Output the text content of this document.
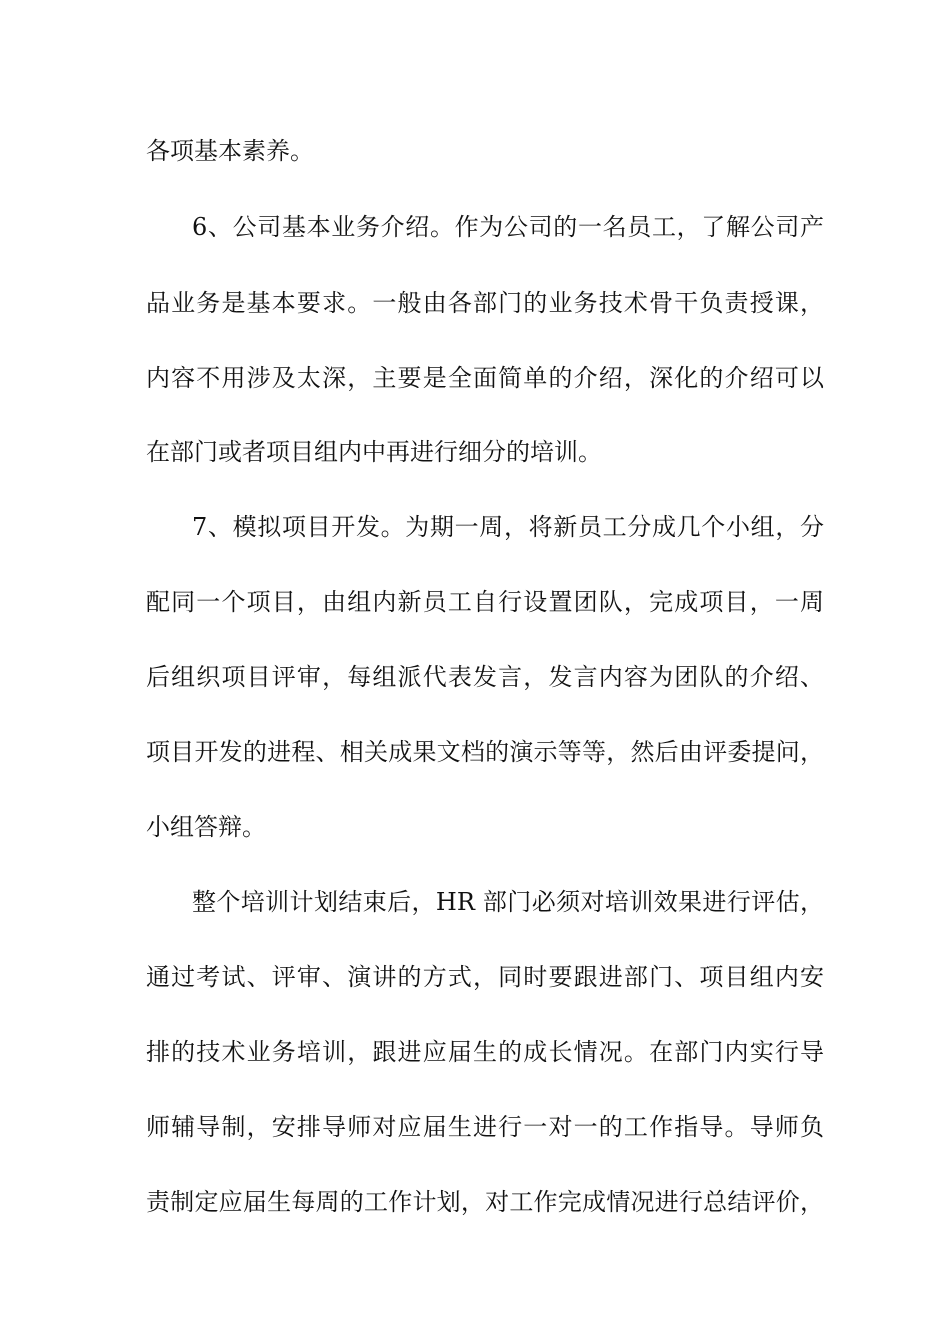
各项基本素养。

6、公司基本业务介绍。作为公司的一名员工，了解公司产

品业务是基本要求。一般由各部门的业务技术骨干负责授课，

内容不用涉及太深，主要是全面简单的介绍，深化的介绍可以

在部门或者项目组内中再进行细分的培训。

7、模拟项目开发。为期一周，将新员工分成几个小组，分

配同一个项目，由组内新员工自行设置团队，完成项目，一周

后组织项目评审，每组派代表发言，发言内容为团队的介绍、

项目开发的进程、相关成果文档的演示等等，然后由评委提问，

小组答辩。

整个培训计划结束后，HR 部门必须对培训效果进行评估，

通过考试、评审、演讲的方式，同时要跟进部门、项目组内安

排的技术业务培训，跟进应届生的成长情况。在部门内实行导

师辅导制，安排导师对应届生进行一对一的工作指导。导师负

责制定应届生每周的工作计划，对工作完成情况进行总结评价，
